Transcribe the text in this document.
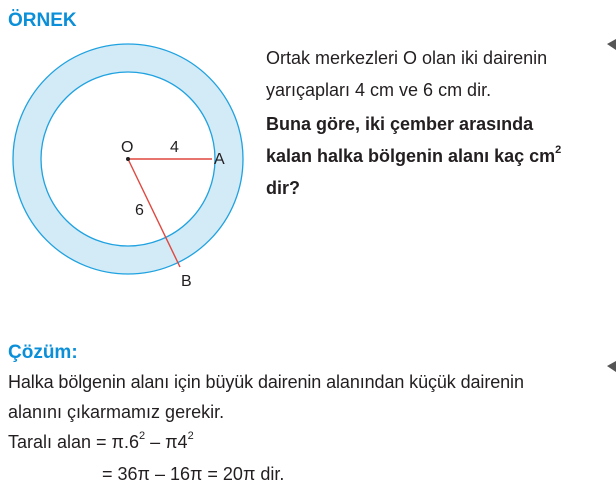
ÖRNEK
O 4
A
6
B
Ortak merkezleri O olan iki dairenin
yarıçapları 4 cm ve 6 cm dir.
Buna göre, iki çember arasında
kalan halka bölgenin alanı kaç $cm^2$
dir?
Çözüm:
Halka bölgenin alanı için büyük dairenin alanından küçük dairenin
alanını çıkarmamız gerekir.
Taralı alan = $\pi.6^2 - \pi 4^2$
= 36π – 16π = 20π dir.
